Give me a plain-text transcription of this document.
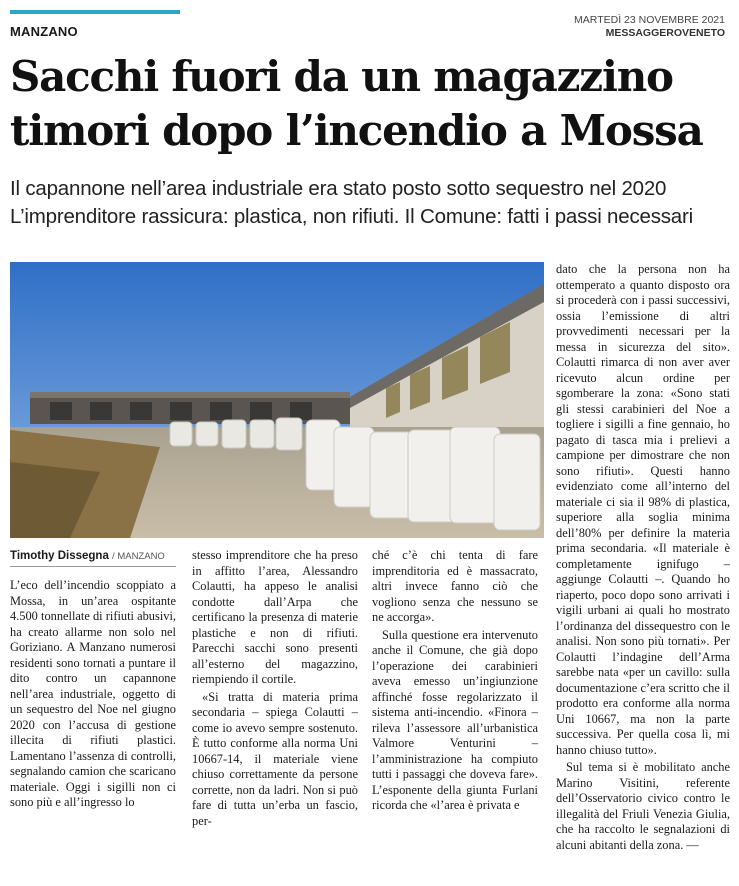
MANZANO
MARTEDÌ 23 NOVEMBRE 2021
MESSAGGEROVENETO
Sacchi fuori da un magazzino timori dopo l’incendio a Mossa
Il capannone nell’area industriale era stato posto sotto sequestro nel 2020
L’imprenditore rassicura: plastica, non rifiuti. Il Comune: fatti i passi necessari
Timothy Dissegna / MANZANO

L’eco dell’incendio scoppiato a Mossa, in un’area ospitante 4.500 tonnellate di rifiuti abusivi, ha creato allarme non solo nel Goriziano. A Manzano numerosi residenti sono tornati a puntare il dito contro un capannone nell’area industriale, oggetto di un sequestro del Noe nel giugno 2020 con l’accusa di gestione illecita di rifiuti plastici. Lamentano l’assenza di controlli, segnalando camion che scaricano materiale. Oggi i sigilli non ci sono più e all’ingresso lo

stesso imprenditore che ha preso in affitto l’area, Alessandro Colautti, ha appeso le analisi condotte dall’Arpa che certificano la presenza di materie plastiche e non di rifiuti. Parecchi sacchi sono presenti all’esterno del magazzino, riempiendo il cortile.

«Si tratta di materia prima secondaria – spiega Colautti – come io avevo sempre sostenuto. È tutto conforme alla norma Uni 10667-14, il materiale viene chiuso correttamente da persone corrette, non da ladri. Non si può fare di tutta un’erba un fascio, per-

ché c’è chi tenta di fare imprenditoria ed è massacrato, altri invece fanno ciò che vogliono senza che nessuno se ne accorga».

Sulla questione era intervenuto anche il Comune, che già dopo l’operazione dei carabinieri aveva emesso un’ingiunzione affinché fosse regolarizzato il sistema anti-incendio. «Finora – rileva l’assessore all’urbanistica Valmore Venturini – l’amministrazione ha compiuto tutti i passaggi che doveva fare». L’esponente della giunta Furlani ricorda che «l’area è privata e

dato che la persona non ha ottemperato a quanto disposto ora si procederà con i passi successivi, ossia l’emissione di altri provvedimenti necessari per la messa in sicurezza del sito». Colautti rimarca di non aver aver ricevuto alcun ordine per sgomberare la zona: «Sono stati gli stessi carabinieri del Noe a togliere i sigilli a fine gennaio, ho pagato di tasca mia i prelievi a campione per dimostrare che non sono rifiuti». Questi hanno evidenziato come all’interno del materiale ci sia il 98% di plastica, superiore alla soglia minima dell’80% per definire la materia prima secondaria. «Il materiale è completamente ignifugo – aggiunge Colautti –. Quando ho riaperto, poco dopo sono arrivati i vigili urbani ai quali ho mostrato l’ordinanza del dissequestro con le analisi. Non sono più tornati». Per Colautti l’indagine dell’Arma sarebbe nata «per un cavillo: sulla documentazione c’era scritto che il prodotto era conforme alla norma Uni 10667, ma non la parte successiva. Per quella cosa lì, mi hanno chiuso tutto».

Sul tema si è mobilitato anche Marino Visitini, referente dell’Osservatorio civico contro le illegalità del Friuli Venezia Giulia, che ha raccolto le segnalazioni di alcuni abitanti della zona. —
